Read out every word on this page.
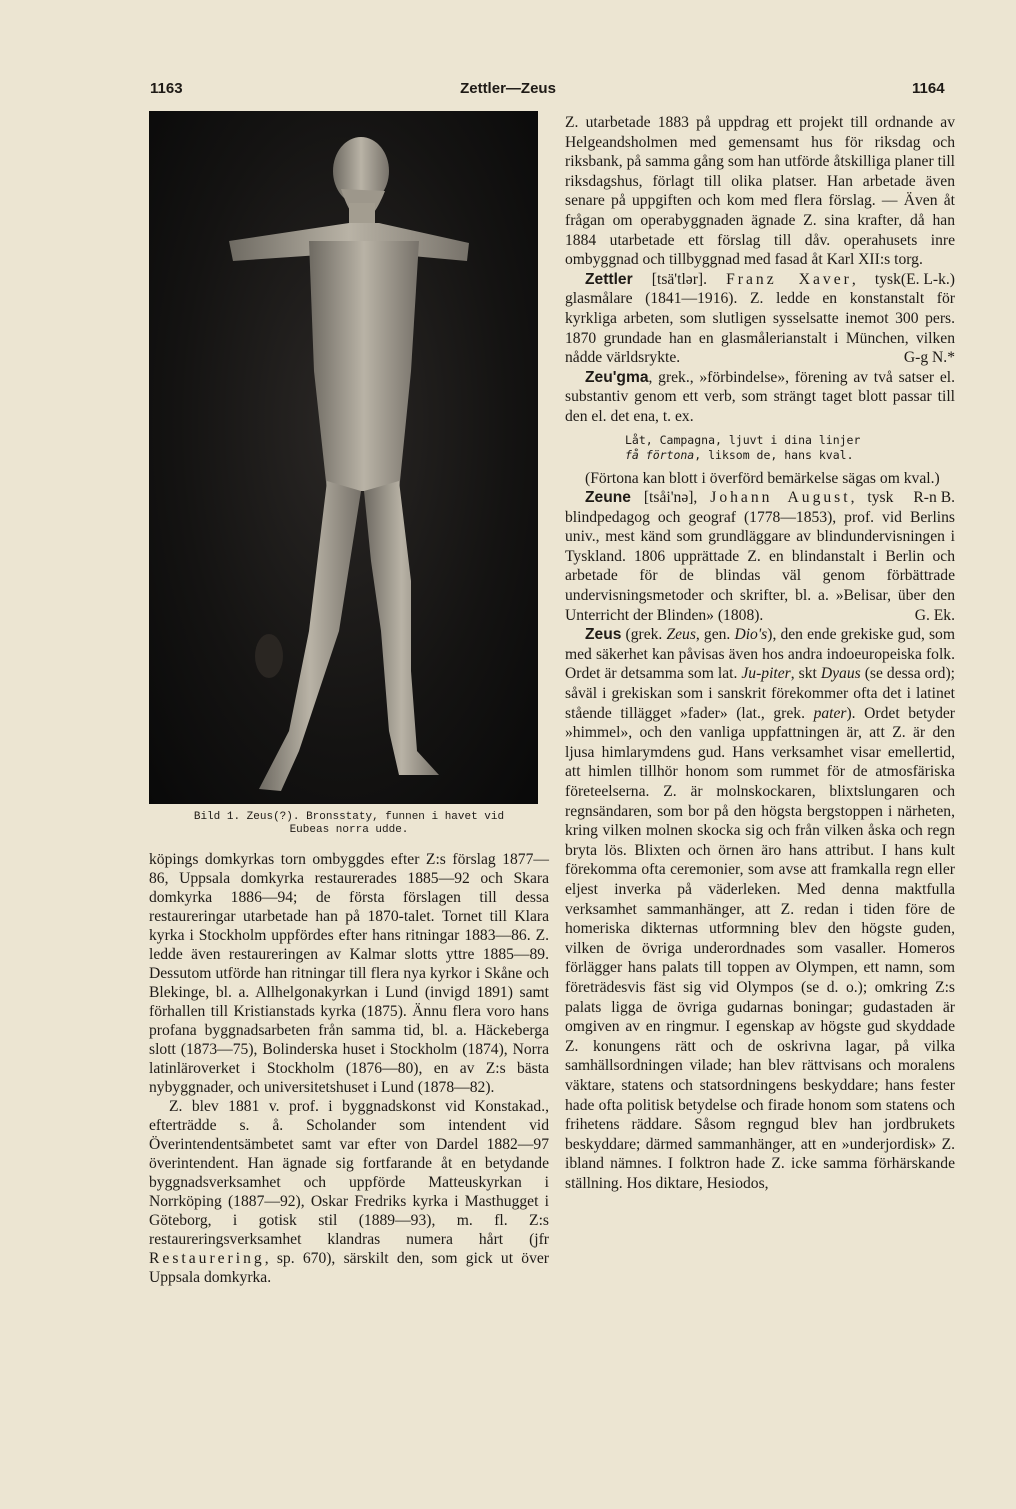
1163	Zettler—Zeus	1164
Bild 1. Zeus(?). Bronsstaty, funnen i havet vid
Eubeas norra udde.

köpings domkyrkas torn ombyggdes efter Z:s förslag 1877—86, Uppsala domkyrka restaurerades 1885—92 och Skara domkyrka 1886—94; de första förslagen till dessa restaureringar utarbetade han på 1870-talet. Tornet till Klara kyrka i Stockholm uppfördes efter hans ritningar 1883—86. Z. ledde även restaureringen av Kalmar slotts yttre 1885—89. Dessutom utförde han ritningar till flera nya kyrkor i Skåne och Blekinge, bl. a. Allhelgonakyrkan i Lund (invigd 1891) samt förhallen till Kristianstads kyrka (1875). Ännu flera voro hans profana byggnadsarbeten från samma tid, bl. a. Häckeberga slott (1873—75), Bolinderska huset i Stockholm (1874), Norra latinläroverket i Stockholm (1876—80), en av Z:s bästa nybyggnader, och universitetshuset i Lund (1878—82).

Z. blev 1881 v. prof. i byggnadskonst vid Konstakad., efterträdde s. å. Scholander som intendent vid Överintendentsämbetet samt var efter von Dardel 1882—97 överintendent. Han ägnade sig fortfarande åt en betydande byggnadsverksamhet och uppförde Matteuskyrkan i Norrköping (1887—92), Oskar Fredriks kyrka i Masthugget i Göteborg, i gotisk stil (1889—93), m. fl. Z:s restaureringsverksamhet klandras numera hårt (jfr Restaurering, sp. 670), särskilt den, som gick ut över Uppsala domkyrka.

Z. utarbetade 1883 på uppdrag ett projekt till ordnande av Helgeandsholmen med gemensamt hus för riksdag och riksbank, på samma gång som han utförde åtskilliga planer till riksdagshus, förlagt till olika platser. Han arbetade även senare på uppgiften och kom med flera förslag. — Även åt frågan om operabyggnaden ägnade Z. sina krafter, då han 1884 utarbetade ett förslag till dåv. operahusets inre ombyggnad och tillbyggnad med fasad åt Karl XII:s torg.
(E. L-k.)

Zettler [tsä'tlər]. Franz Xaver, tysk glasmålare (1841—1916). Z. ledde en konstanstalt för kyrkliga arbeten, som slutligen sysselsatte inemot 300 pers. 1870 grundade han en glasmålerianstalt i München, vilken nådde världsrykte.	G-g N.*

Zeu'gma, grek., »förbindelse», förening av två satser el. substantiv genom ett verb, som strängt taget blott passar till den el. det ena, t. ex.

Låt, Campagna, ljuvt i dina linjer
få förtona, liksom de, hans kval.

(Förtona kan blott i överförd bemärkelse sägas om kval.)
R-n B.

Zeune [tsåi'nə], Johann August, tysk blindpedagog och geograf (1778—1853), prof. vid Berlins univ., mest känd som grundläggare av blindundervisningen i Tyskland. 1806 upprättade Z. en blindanstalt i Berlin och arbetade för de blindas väl genom förbättrade undervisningsmetoder och skrifter, bl. a. »Belisar, über den Unterricht der Blinden» (1808).	G. Ek.

Zeus (grek. Zeus, gen. Dio's), den ende grekiske gud, som med säkerhet kan påvisas även hos andra indoeuropeiska folk. Ordet är detsamma som lat. Ju-piter, skt Dyaus (se dessa ord); såväl i grekiskan som i sanskrit förekommer ofta det i latinet stående tillägget »fader» (lat., grek. pater). Ordet betyder »himmel», och den vanliga uppfattningen är, att Z. är den ljusa himlarymdens gud. Hans verksamhet visar emellertid, att himlen tillhör honom som rummet för de atmosfäriska företeelserna. Z. är molnskockaren, blixtslungaren och regnsändaren, som bor på den högsta bergstoppen i närheten, kring vilken molnen skocka sig och från vilken åska och regn bryta lös. Blixten och örnen äro hans attribut. I hans kult förekomma ofta ceremonier, som avse att framkalla regn eller eljest inverka på väderleken. Med denna maktfulla verksamhet sammanhänger, att Z. redan i tiden före de homeriska dikternas utformning blev den högste guden, vilken de övriga underordnades som vasaller. Homeros förlägger hans palats till toppen av Olympen, ett namn, som företrädesvis fäst sig vid Olympos (se d. o.); omkring Z:s palats ligga de övriga gudarnas boningar; gudastaden är omgiven av en ringmur. I egenskap av högste gud skyddade Z. konungens rätt och de oskrivna lagar, på vilka samhällsordningen vilade; han blev rättvisans och moralens väktare, statens och statsordningens beskyddare; hans fester hade ofta politisk betydelse och firade honom som statens och frihetens räddare. Såsom regngud blev han jordbrukets beskyddare; därmed sammanhänger, att en »underjordisk» Z. ibland nämnes. I folktron hade Z. icke samma förhärskande ställning. Hos diktare, Hesiodos,
